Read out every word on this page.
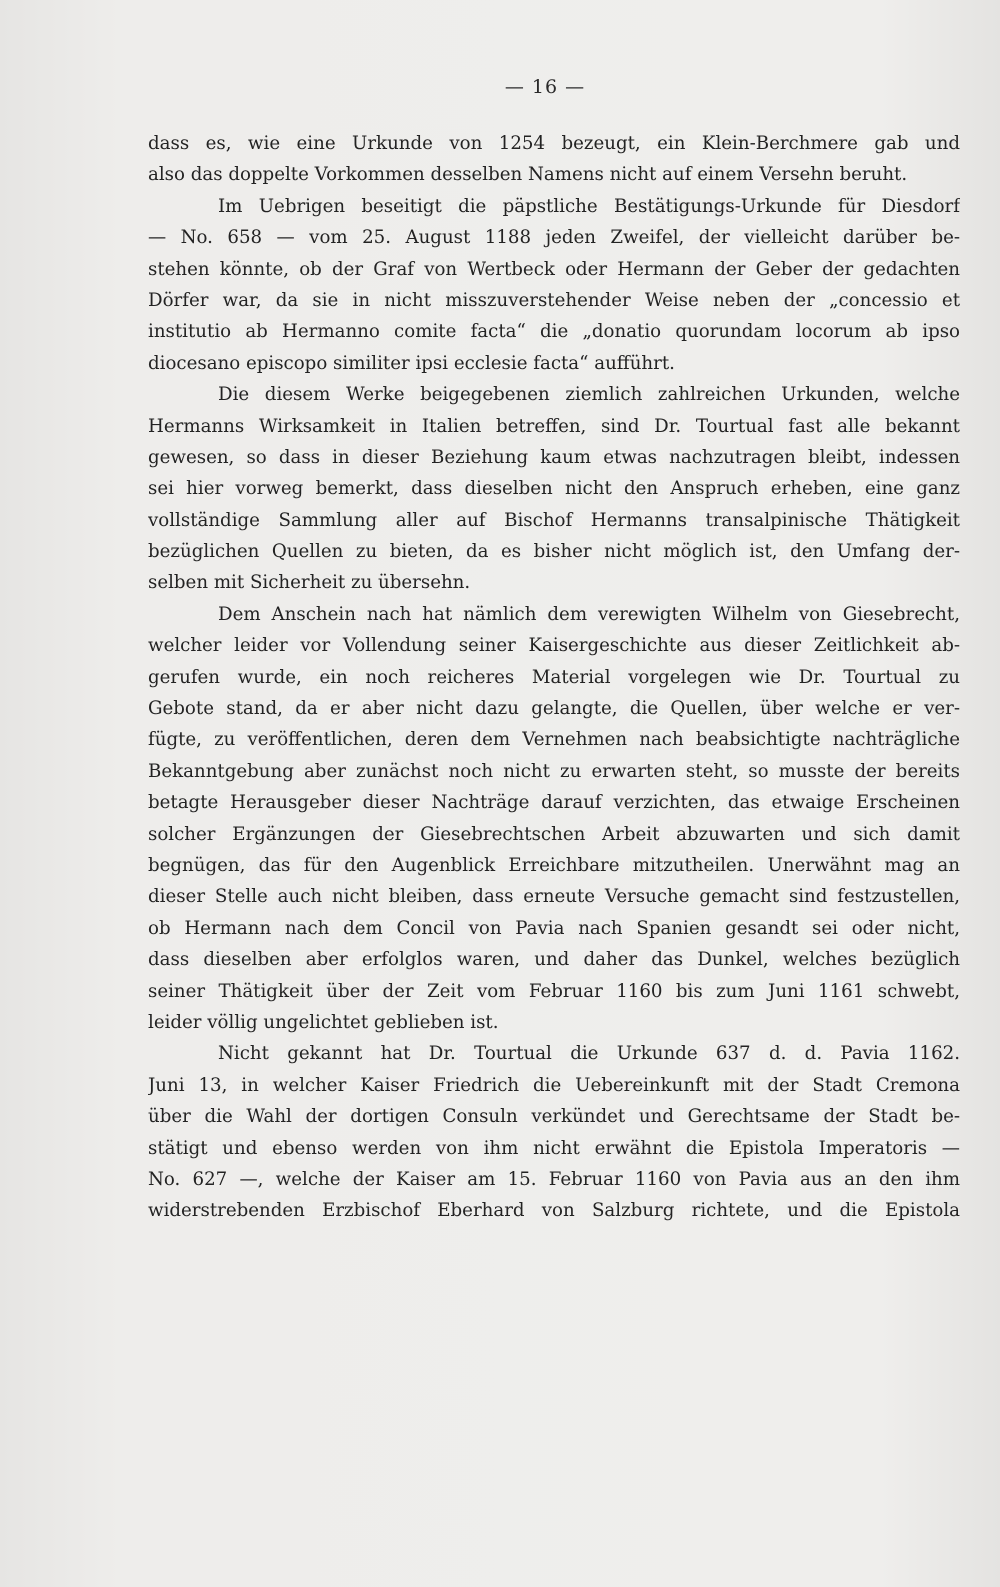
— 16 —
dass es, wie eine Urkunde von 1254 bezeugt, ein Klein-Berchmere gab und
also das doppelte Vorkommen desselben Namens nicht auf einem Versehn beruht.
Im Uebrigen beseitigt die päpstliche Bestätigungs-Urkunde für Diesdorf
— No. 658 — vom 25. August 1188 jeden Zweifel, der vielleicht darüber be-
stehen könnte, ob der Graf von Wertbeck oder Hermann der Geber der gedachten
Dörfer war, da sie in nicht misszuverstehender Weise neben der „concessio et
institutio ab Hermanno comite facta“ die „donatio quorundam locorum ab ipso
diocesano episcopo similiter ipsi ecclesie facta“ aufführt.
Die diesem Werke beigegebenen ziemlich zahlreichen Urkunden, welche
Hermanns Wirksamkeit in Italien betreffen, sind Dr. Tourtual fast alle bekannt
gewesen, so dass in dieser Beziehung kaum etwas nachzutragen bleibt, indessen
sei hier vorweg bemerkt, dass dieselben nicht den Anspruch erheben, eine ganz
vollständige Sammlung aller auf Bischof Hermanns transalpinische Thätigkeit
bezüglichen Quellen zu bieten, da es bisher nicht möglich ist, den Umfang der-
selben mit Sicherheit zu übersehn.
Dem Anschein nach hat nämlich dem verewigten Wilhelm von Giesebrecht,
welcher leider vor Vollendung seiner Kaisergeschichte aus dieser Zeitlichkeit ab-
gerufen wurde, ein noch reicheres Material vorgelegen wie Dr. Tourtual zu
Gebote stand, da er aber nicht dazu gelangte, die Quellen, über welche er ver-
fügte, zu veröffentlichen, deren dem Vernehmen nach beabsichtigte nachträgliche
Bekanntgebung aber zunächst noch nicht zu erwarten steht, so musste der bereits
betagte Herausgeber dieser Nachträge darauf verzichten, das etwaige Erscheinen
solcher Ergänzungen der Giesebrechtschen Arbeit abzuwarten und sich damit
begnügen, das für den Augenblick Erreichbare mitzutheilen. Unerwähnt mag an
dieser Stelle auch nicht bleiben, dass erneute Versuche gemacht sind festzustellen,
ob Hermann nach dem Concil von Pavia nach Spanien gesandt sei oder nicht,
dass dieselben aber erfolglos waren, und daher das Dunkel, welches bezüglich
seiner Thätigkeit über der Zeit vom Februar 1160 bis zum Juni 1161 schwebt,
leider völlig ungelichtet geblieben ist.
Nicht gekannt hat Dr. Tourtual die Urkunde 637 d. d. Pavia 1162.
Juni 13, in welcher Kaiser Friedrich die Uebereinkunft mit der Stadt Cremona
über die Wahl der dortigen Consuln verkündet und Gerechtsame der Stadt be-
stätigt und ebenso werden von ihm nicht erwähnt die Epistola Imperatoris —
No. 627 —, welche der Kaiser am 15. Februar 1160 von Pavia aus an den ihm
widerstrebenden Erzbischof Eberhard von Salzburg richtete, und die Epistola
